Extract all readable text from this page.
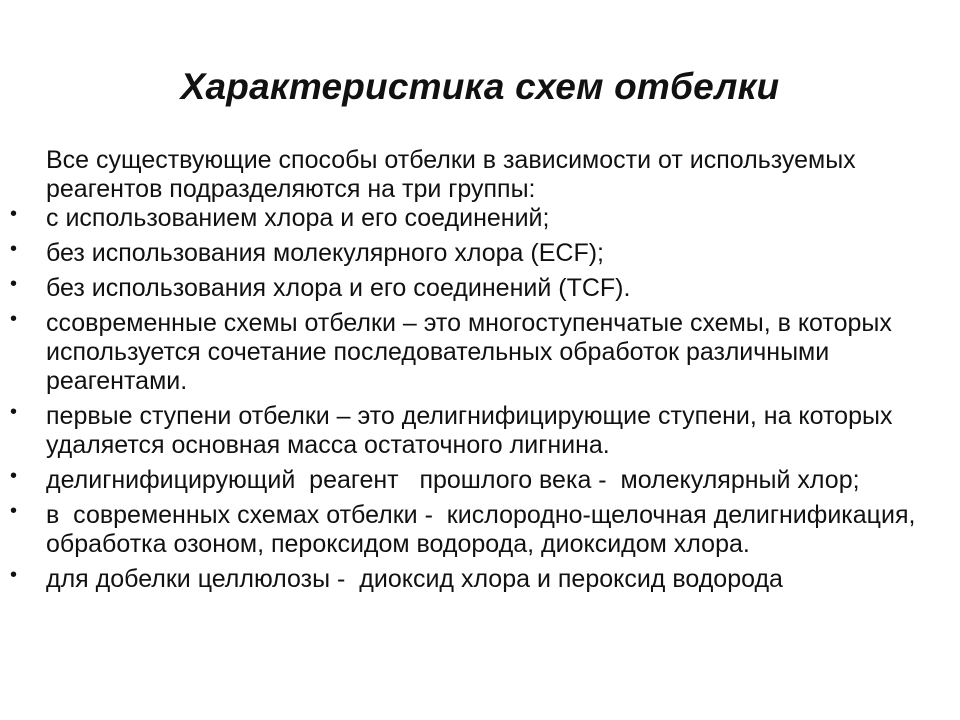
Характеристика схем отбелки
Все существующие способы отбелки в зависимости от используемых реагентов подразделяются на три группы:
• с использованием хлора и его соединений;
• без использования молекулярного хлора (ECF);
• без использования хлора и его соединений (TCF).
• ссовременные схемы отбелки – это многоступенчатые схемы, в которых используется сочетание последовательных обработок различными реагентами.
• первые ступени отбелки – это делигнифицирующие ступени, на которых удаляется основная масса остаточного лигнина.
• делигнифицирующий  реагент   прошлого века -  молекулярный хлор;
• в  современных схемах отбелки -  кислородно-щелочная делигнификация, обработка озоном, пероксидом водорода, диоксидом хлора.
• для добелки целлюлозы -  диоксид хлора и пероксид водорода
